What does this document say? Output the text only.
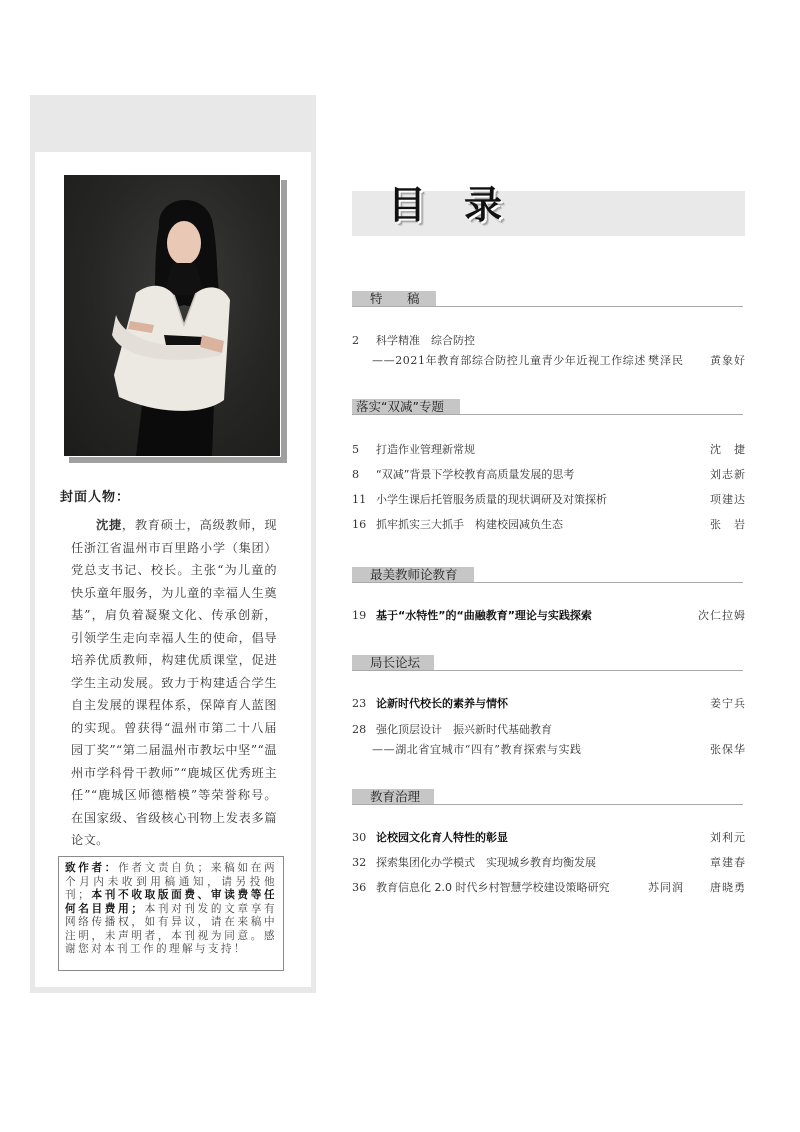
封面人物：
沈捷，教育硕士，高级教师，现任浙江省温州市百里路小学（集团）党总支书记、校长。主张“为儿童的快乐童年服务，为儿童的幸福人生奠基”，肩负着凝聚文化、传承创新，引领学生走向幸福人生的使命，倡导培养优质教师，构建优质课堂，促进学生主动发展。致力于构建适合学生自主发展的课程体系，保障育人蓝图的实现。曾获得“温州市第二十八届园丁奖”“第二届温州市教坛中坚”“温州市学科骨干教师”“鹿城区优秀班主任”“鹿城区师德楷模”等荣誉称号。在国家级、省级核心刊物上发表多篇论文。
致作者：作者文责自负；来稿如在两个月内未收到用稿通知，请另投他刊；本刊不收取版面费、审读费等任何名目费用；本刊对刊发的文章享有网络传播权，如有异议，请在来稿中注明，未声明者，本刊视为同意。感谢您对本刊工作的理解与支持！
目录
特　稿
2	科学精准　综合防控
——2021年教育部综合防控儿童青少年近视工作综述 樊泽民 黄象好
落实“双减”专题
5	打造作业管理新常规	沈　捷
8	“双减”背景下学校教育高质量发展的思考	刘志新
11 小学生课后托管服务质量的现状调研及对策探析	项建达
16 抓牢抓实三大抓手　构建校园减负生态	张　岩
最美教师论教育
19 基于“水特性”的“曲融教育”理论与实践探索	次仁拉姆
局长论坛
23 论新时代校长的素养与情怀	姜宁兵
28 强化顶层设计　振兴新时代基础教育
——湖北省宜城市“四有”教育探索与实践	张保华
教育治理
30 论校园文化育人特性的彰显	刘利元
32 探索集团化办学模式　实现城乡教育均衡发展	章建春
36 教育信息化 2.0 时代乡村智慧学校建设策略研究	苏同润 唐晓勇
